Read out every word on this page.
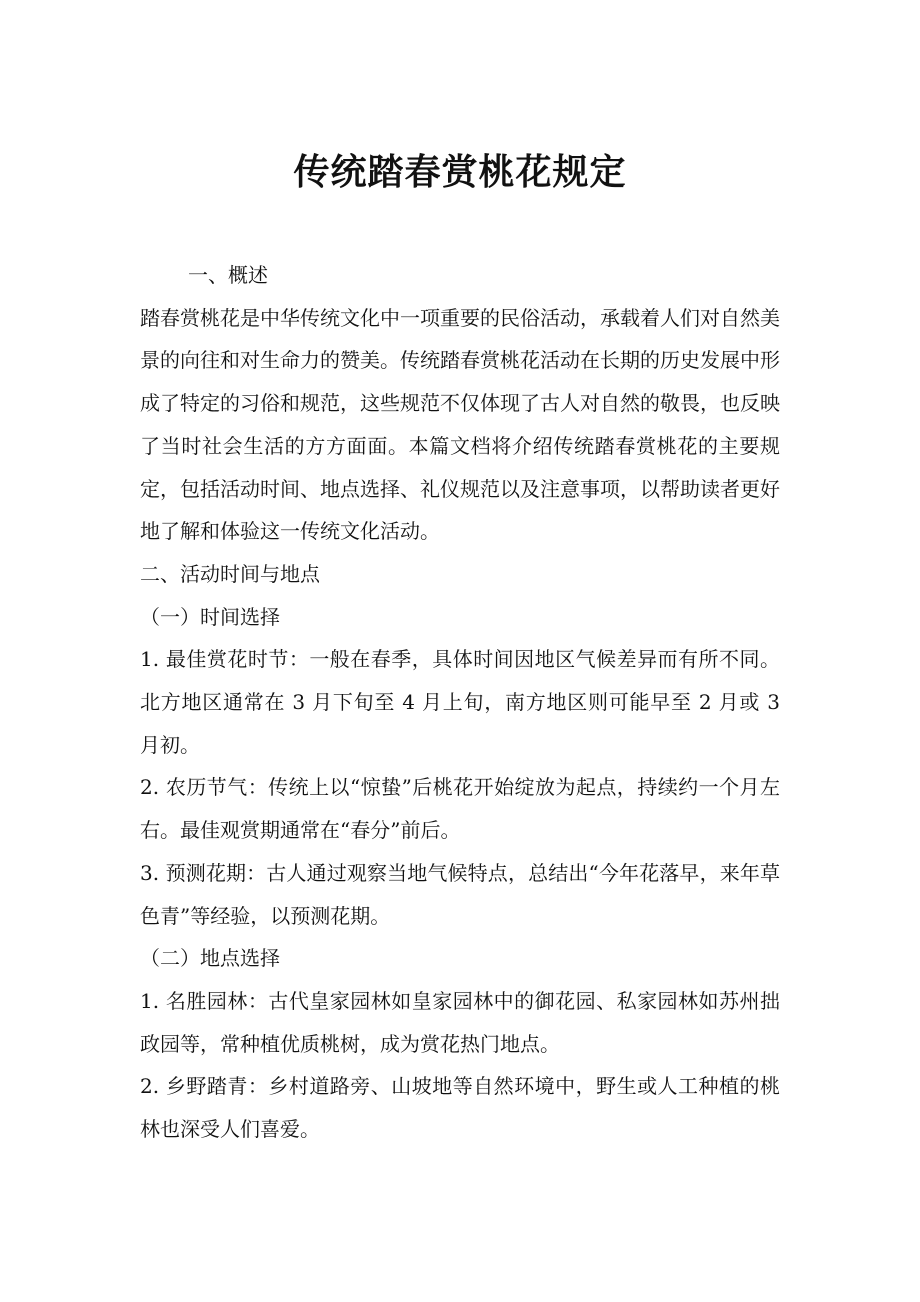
传统踏春赏桃花规定

一、概述

踏春赏桃花是中华传统文化中一项重要的民俗活动，承载着人们对自然美景的向往和对生命力的赞美。传统踏春赏桃花活动在长期的历史发展中形成了特定的习俗和规范，这些规范不仅体现了古人对自然的敬畏，也反映了当时社会生活的方方面面。本篇文档将介绍传统踏春赏桃花的主要规定，包括活动时间、地点选择、礼仪规范以及注意事项，以帮助读者更好地了解和体验这一传统文化活动。

二、活动时间与地点

（一）时间选择

1. 最佳赏花时节：一般在春季，具体时间因地区气候差异而有所不同。北方地区通常在 3 月下旬至 4 月上旬，南方地区则可能早至 2 月或 3 月初。

2. 农历节气：传统上以“惊蛰”后桃花开始绽放为起点，持续约一个月左右。最佳观赏期通常在“春分”前后。

3. 预测花期：古人通过观察当地气候特点，总结出“今年花落早，来年草色青”等经验，以预测花期。

（二）地点选择

1. 名胜园林：古代皇家园林如皇家园林中的御花园、私家园林如苏州拙政园等，常种植优质桃树，成为赏花热门地点。

2. 乡野踏青：乡村道路旁、山坡地等自然环境中，野生或人工种植的桃林也深受人们喜爱。
